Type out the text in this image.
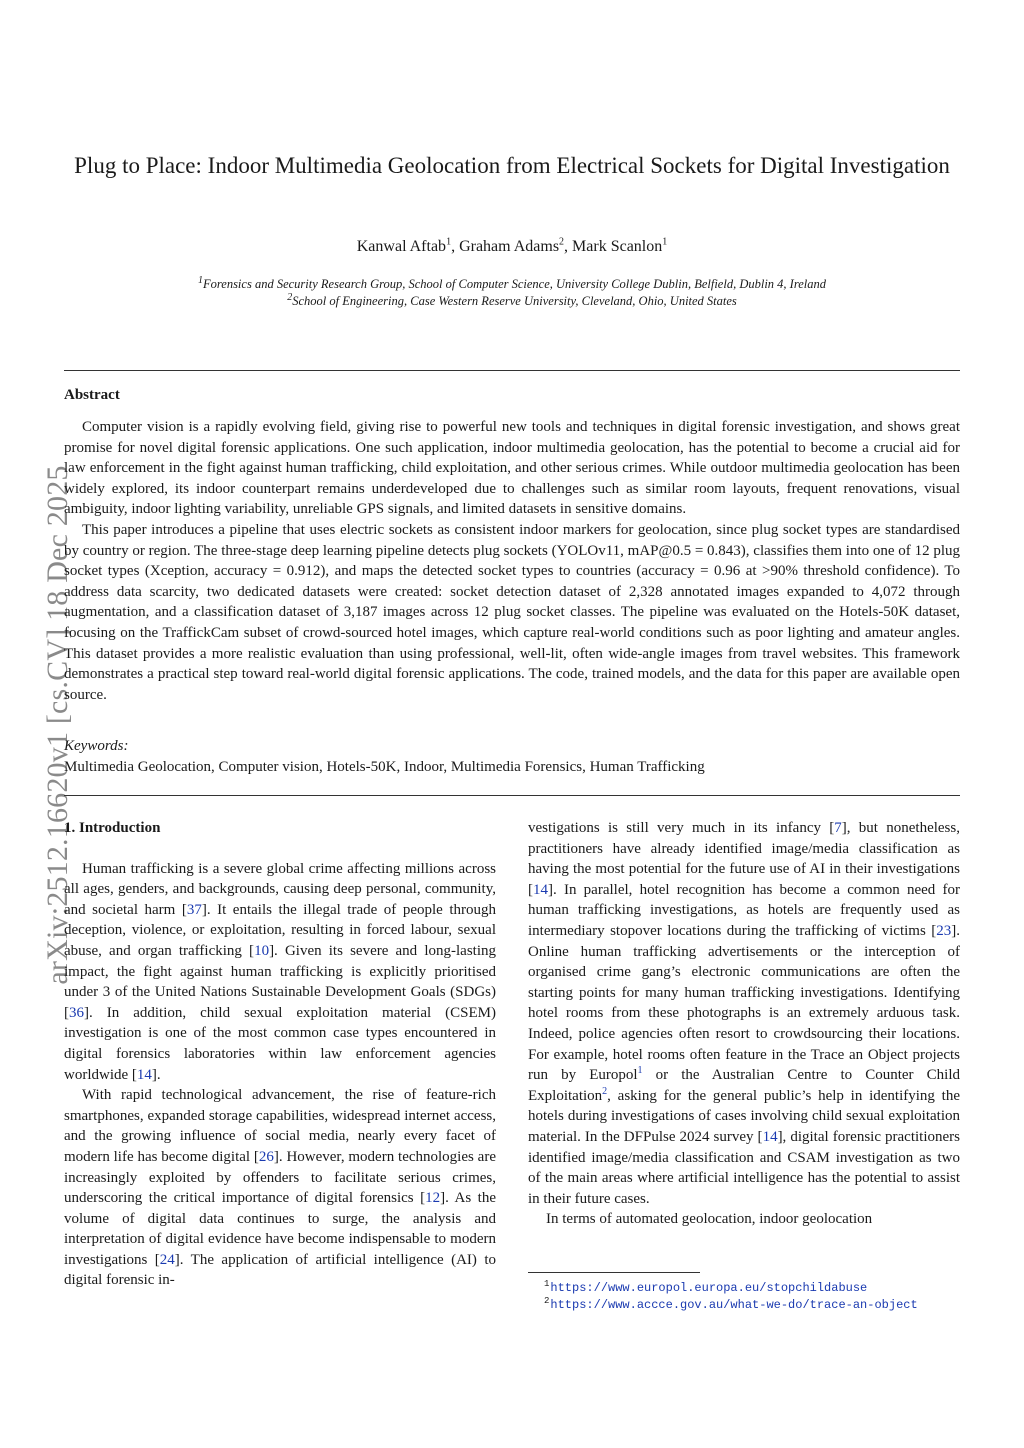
arXiv:2512.16620v1 [cs.CV] 18 Dec 2025
Plug to Place: Indoor Multimedia Geolocation from Electrical Sockets for Digital Investigation
Kanwal Aftab$^1$, Graham Adams$^2$, Mark Scanlon$^1$
$^1$Forensics and Security Research Group, School of Computer Science, University College Dublin, Belfield, Dublin 4, Ireland
$^2$School of Engineering, Case Western Reserve University, Cleveland, Ohio, United States
Abstract

Computer vision is a rapidly evolving field, giving rise to powerful new tools and techniques in digital forensic investigation, and shows great promise for novel digital forensic applications. One such application, indoor multimedia geolocation, has the potential to become a crucial aid for law enforcement in the fight against human trafficking, child exploitation, and other serious crimes. While outdoor multimedia geolocation has been widely explored, its indoor counterpart remains underdeveloped due to challenges such as similar room layouts, frequent renovations, visual ambiguity, indoor lighting variability, unreliable GPS signals, and limited datasets in sensitive domains.

This paper introduces a pipeline that uses electric sockets as consistent indoor markers for geolocation, since plug socket types are standardised by country or region. The three-stage deep learning pipeline detects plug sockets (YOLOv11, mAP@0.5 = 0.843), classifies them into one of 12 plug socket types (Xception, accuracy = 0.912), and maps the detected socket types to countries (accuracy = 0.96 at >90% threshold confidence). To address data scarcity, two dedicated datasets were created: socket detection dataset of 2,328 annotated images expanded to 4,072 through augmentation, and a classification dataset of 3,187 images across 12 plug socket classes. The pipeline was evaluated on the Hotels-50K dataset, focusing on the TraffickCam subset of crowd-sourced hotel images, which capture real-world conditions such as poor lighting and amateur angles. This dataset provides a more realistic evaluation than using professional, well-lit, often wide-angle images from travel websites. This framework demonstrates a practical step toward real-world digital forensic applications. The code, trained models, and the data for this paper are available open source.

Keywords:
Multimedia Geolocation, Computer vision, Hotels-50K, Indoor, Multimedia Forensics, Human Trafficking
1. Introduction

Human trafficking is a severe global crime affecting millions across all ages, genders, and backgrounds, causing deep personal, community, and societal harm [37]. It entails the illegal trade of people through deception, violence, or exploitation, resulting in forced labour, sexual abuse, and organ trafficking [10]. Given its severe and long-lasting impact, the fight against human trafficking is explicitly prioritised under 3 of the United Nations Sustainable Development Goals (SDGs) [36]. In addition, child sexual exploitation material (CSEM) investigation is one of the most common case types encountered in digital forensics laboratories within law enforcement agencies worldwide [14].

With rapid technological advancement, the rise of feature-rich smartphones, expanded storage capabilities, widespread internet access, and the growing influence of social media, nearly every facet of modern life has become digital [26]. However, modern technologies are increasingly exploited by offenders to facilitate serious crimes, underscoring the critical importance of digital forensics [12]. As the volume of digital data continues to surge, the analysis and interpretation of digital evidence have become indispensable to modern investigations [24]. The application of artificial intelligence (AI) to digital forensic in-

vestigations is still very much in its infancy [7], but nonetheless, practitioners have already identified image/media classification as having the most potential for the future use of AI in their investigations [14]. In parallel, hotel recognition has become a common need for human trafficking investigations, as hotels are frequently used as intermediary stopover locations during the trafficking of victims [23]. Online human trafficking advertisements or the interception of organised crime gang’s electronic communications are often the starting points for many human trafficking investigations. Identifying hotel rooms from these photographs is an extremely arduous task. Indeed, police agencies often resort to crowdsourcing their locations. For example, hotel rooms often feature in the Trace an Object projects run by Europol$^1$ or the Australian Centre to Counter Child Exploitation$^2$, asking for the general public’s help in identifying the hotels during investigations of cases involving child sexual exploitation material. In the DFPulse 2024 survey [14], digital forensic practitioners identified image/media classification and CSAM investigation as two of the main areas where artificial intelligence has the potential to assist in their future cases.

In terms of automated geolocation, indoor geolocation

$^1$https://www.europol.europa.eu/stopchildabuse
$^2$https://www.accce.gov.au/what-we-do/trace-an-object
